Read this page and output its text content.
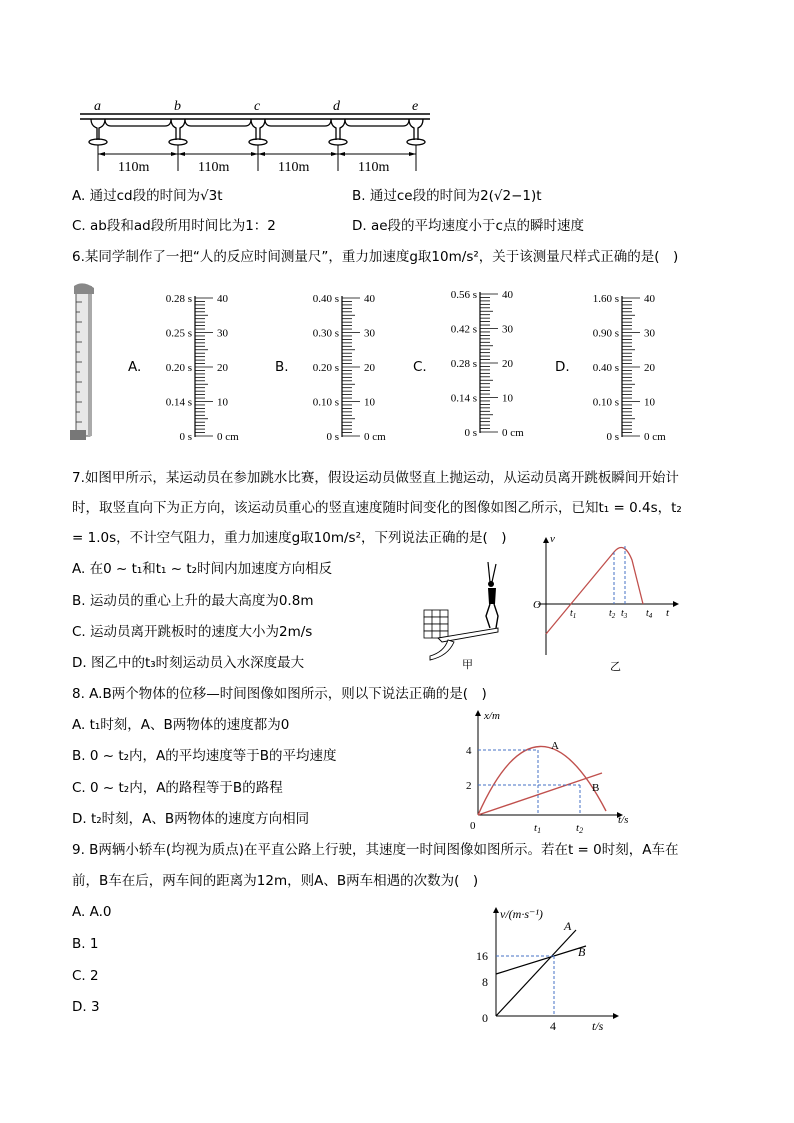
a	b	c	d	e
110m	110m	110m	110m
A. 通过cd段的时间为√3t	B. 通过ce段的时间为2(√2−1)t
C. ab段和ad段所用时间比为1：2	D. ae段的平均速度小于c点的瞬时速度
6.某同学制作了一把“人的反应时间测量尺”，重力加速度g取10m/s²，关于该测量尺样式正确的是(　)
A.
0.28 s 40
0.25 s 30
0.20 s 20
0.14 s 10
0 s 0 cm
B.
0.40 s 40
0.30 s 30
0.20 s 20
0.10 s 10
0 s 0 cm
C.
0.56 s 40
0.42 s 30
0.28 s 20
0.14 s 10
0 s 0 cm
D.
1.60 s 40
0.90 s 30
0.40 s 20
0.10 s 10
0 s 0 cm
7.如图甲所示，某运动员在参加跳水比赛，假设运动员做竖直上抛运动，从运动员离开跳板瞬间开始计
时，取竖直向下为正方向，该运动员重心的竖直速度随时间变化的图像如图乙所示，已知t₁ = 0.4s，t₂
= 1.0s，不计空气阻力，重力加速度g取10m/s²，下列说法正确的是(　)
A. 在0 ~ t₁和t₁ ~ t₂时间内加速度方向相反
B. 运动员的重心上升的最大高度为0.8m
C. 运动员离开跳板时的速度大小为2m/s
D. 图乙中的t₃时刻运动员入水深度最大	甲
v
O
t
$t_1$	$t_2$ $t_3$ $t_4$
乙
8. A.B两个物体的位移—时间图像如图所示，则以下说法正确的是(　)
A. t₁时刻，A、B两物体的速度都为0
B. 0 ~ t₂内，A的平均速度等于B的平均速度
C. 0 ~ t₂内，A的路程等于B的路程
D. t₂时刻，A、B两物体的速度方向相同
x/m
t/s
4
2
0
A
B
t1	t2
9. B两辆小轿车(均视为质点)在平直公路上行驶，其速度一时间图像如图所示。若在t = 0时刻，A车在
前，B车在后，两车间的距离为12m，则A、B两车相遇的次数为(　)
A. A.0
B. 1
C. 2
D. 3
v/(m·s⁻¹)
t/s
16
8
0
4
A
B
